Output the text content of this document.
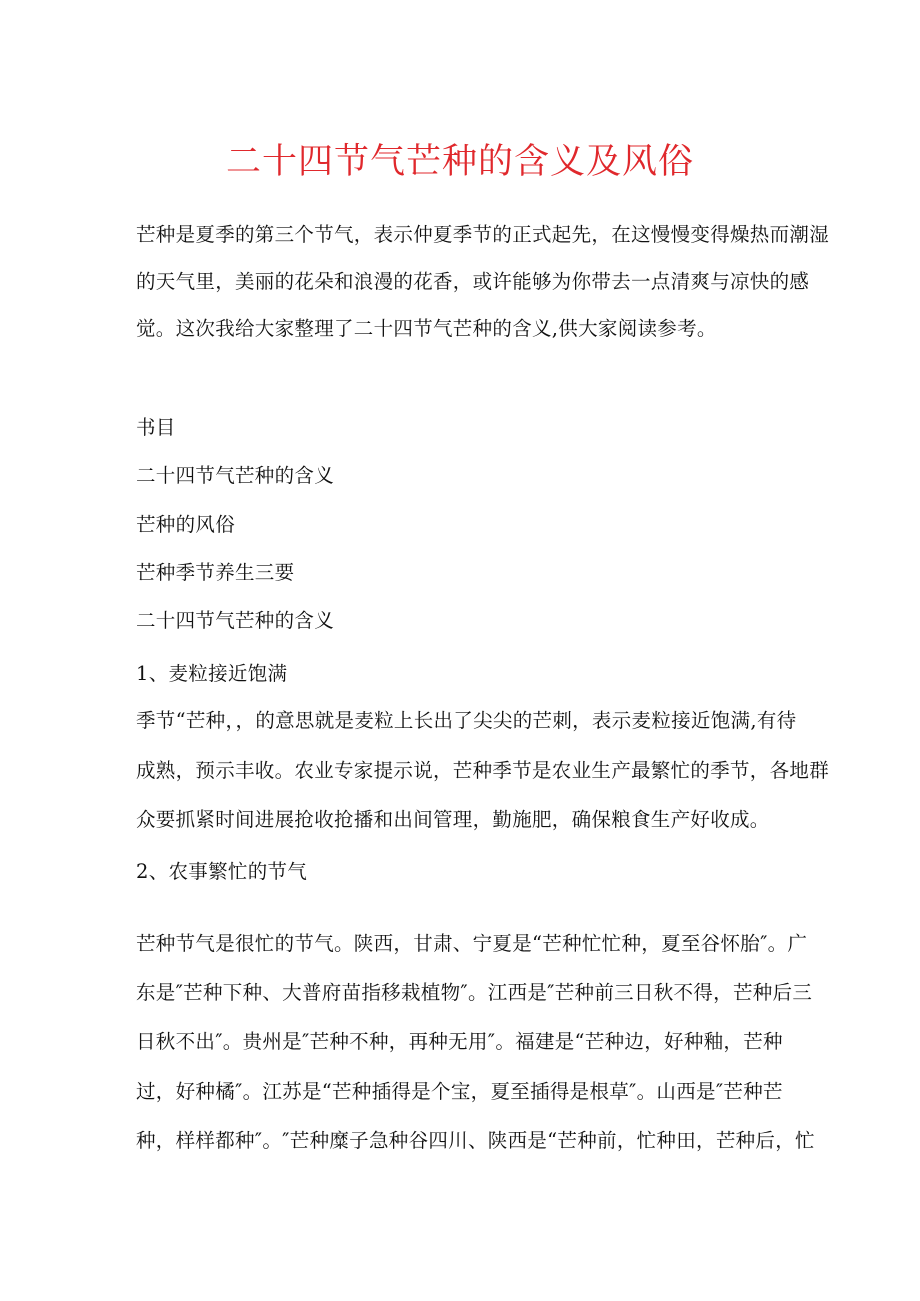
二十四节气芒种的含义及风俗
芒种是夏季的第三个节气，表示仲夏季节的正式起先，在这慢慢变得燥热而潮湿
的天气里，美丽的花朵和浪漫的花香，或许能够为你带去一点清爽与凉快的感
觉。这次我给大家整理了二十四节气芒种的含义,供大家阅读参考。
书目
二十四节气芒种的含义
芒种的风俗
芒种季节养生三要
二十四节气芒种的含义
1、麦粒接近饱满
季节“芒种，，的意思就是麦粒上长出了尖尖的芒刺，表示麦粒接近饱满,有待
成熟，预示丰收。农业专家提示说，芒种季节是农业生产最繁忙的季节，各地群
众要抓紧时间进展抢收抢播和出间管理，勤施肥，确保粮食生产好收成。
2、农事繁忙的节气
芒种节气是很忙的节气。陕西，甘肃、宁夏是“芒种忙忙种，夏至谷怀胎″。广
东是″芒种下种、大普府苗指移栽植物″。江西是″芒种前三日秋不得，芒种后三
日秋不出″。贵州是″芒种不种，再种无用″。福建是“芒种边，好种釉，芒种
过，好种橘″。江苏是“芒种插得是个宝，夏至插得是根草″。山西是″芒种芒
种，样样都种″。″芒种糜子急种谷四川、陕西是“芒种前，忙种田，芒种后，忙
